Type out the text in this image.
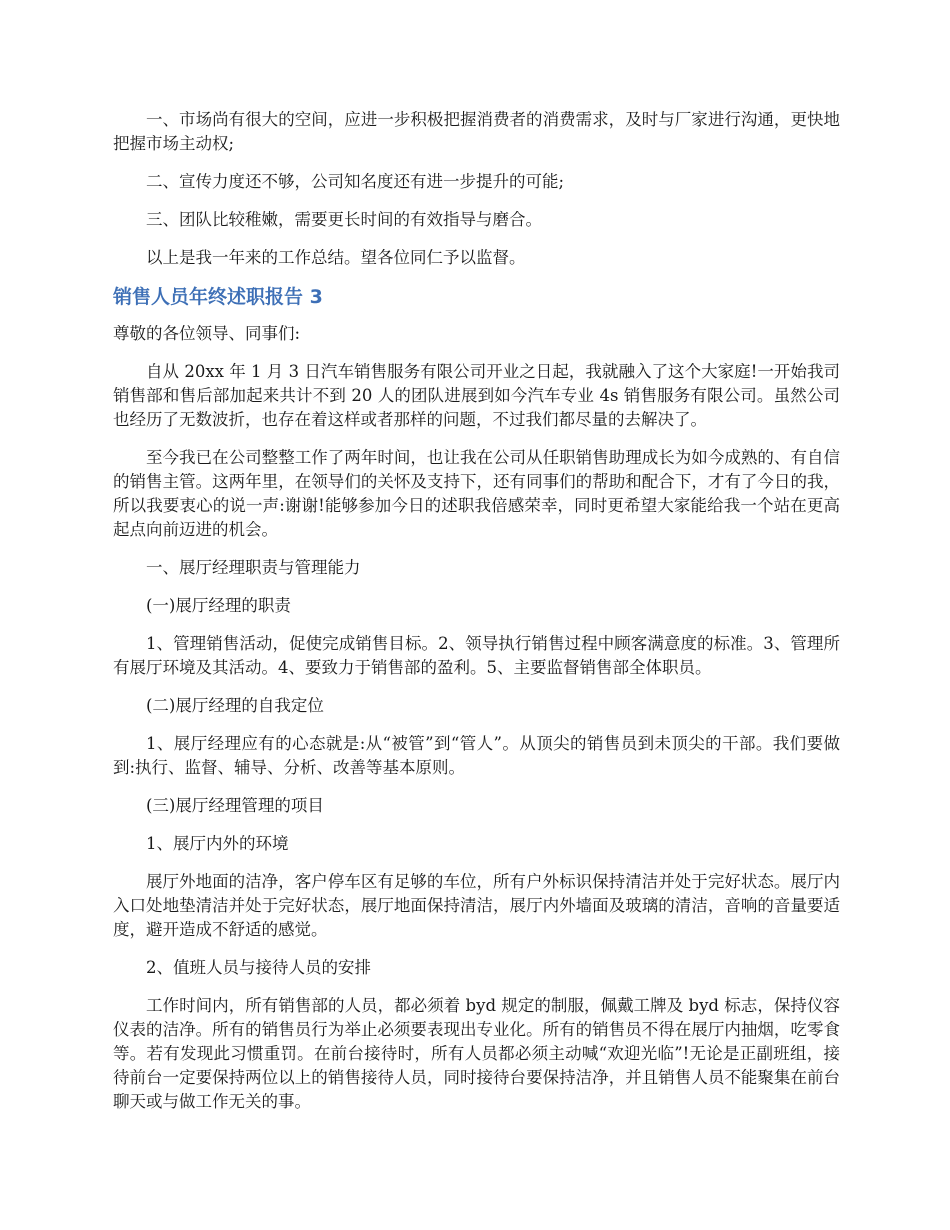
一、市场尚有很大的空间，应进一步积极把握消费者的消费需求，及时与厂家进行沟通，更快地把握市场主动权;

二、宣传力度还不够，公司知名度还有进一步提升的可能;

三、团队比较稚嫩，需要更长时间的有效指导与磨合。

以上是我一年来的工作总结。望各位同仁予以监督。

销售人员年终述职报告 3

尊敬的各位领导、同事们:

自从 20xx 年 1 月 3 日汽车销售服务有限公司开业之日起，我就融入了这个大家庭!一开始我司销售部和售后部加起来共计不到 20 人的团队进展到如今汽车专业 4s 销售服务有限公司。虽然公司也经历了无数波折，也存在着这样或者那样的问题，不过我们都尽量的去解决了。

至今我已在公司整整工作了两年时间，也让我在公司从任职销售助理成长为如今成熟的、有自信的销售主管。这两年里，在领导们的关怀及支持下，还有同事们的帮助和配合下，才有了今日的我，所以我要衷心的说一声:谢谢!能够参加今日的述职我倍感荣幸，同时更希望大家能给我一个站在更高起点向前迈进的机会。

一、展厅经理职责与管理能力

(一)展厅经理的职责

1、管理销售活动，促使完成销售目标。2、领导执行销售过程中顾客满意度的标准。3、管理所有展厅环境及其活动。4、要致力于销售部的盈利。5、主要监督销售部全体职员。

(二)展厅经理的自我定位

1、展厅经理应有的心态就是:从“被管”到“管人”。从顶尖的销售员到未顶尖的干部。我们要做到:执行、监督、辅导、分析、改善等基本原则。

(三)展厅经理管理的项目

1、展厅内外的环境

展厅外地面的洁净，客户停车区有足够的车位，所有户外标识保持清洁并处于完好状态。展厅内入口处地垫清洁并处于完好状态，展厅地面保持清洁，展厅内外墙面及玻璃的清洁，音响的音量要适度，避开造成不舒适的感觉。

2、值班人员与接待人员的安排

工作时间内，所有销售部的人员，都必须着 byd 规定的制服，佩戴工牌及 byd 标志，保持仪容仪表的洁净。所有的销售员行为举止必须要表现出专业化。所有的销售员不得在展厅内抽烟，吃零食等。若有发现此习惯重罚。在前台接待时，所有人员都必须主动喊“欢迎光临”!无论是正副班组，接待前台一定要保持两位以上的销售接待人员，同时接待台要保持洁净，并且销售人员不能聚集在前台聊天或与做工作无关的事。
